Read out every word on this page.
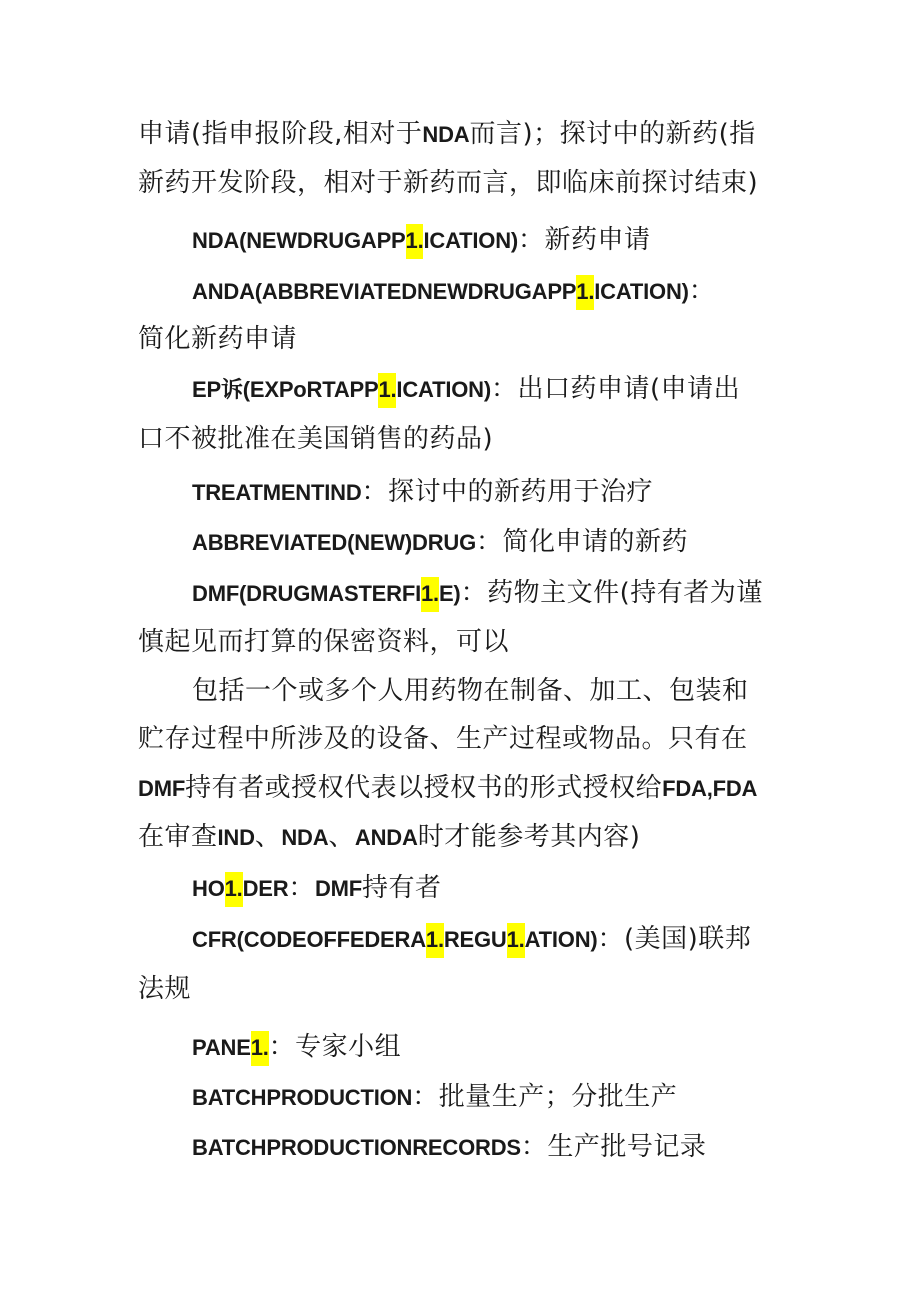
申请(指申报阶段,相对于NDA而言)；探讨中的新药(指
新药开发阶段，相对于新药而言，即临床前探讨结束)
NDA(NEWDRUGAPP1.ICATION)：新药申请
ANDA(ABBREVIATEDNEWDRUGAPP1.ICATION)：
简化新药申请
EP诉(EXPoRTAPP1.ICATION)：出口药申请(申请出
口不被批准在美国销售的药品)
TREATMENTIND：探讨中的新药用于治疗
ABBREVIATED(NEW)DRUG：简化申请的新药
DMF(DRUGMASTERFI1.E)：药物主文件(持有者为谨
慎起见而打算的保密资料，可以
包括一个或多个人用药物在制备、加工、包装和
贮存过程中所涉及的设备、生产过程或物品。只有在
DMF持有者或授权代表以授权书的形式授权给FDA,FDA
在审查IND、NDA、ANDA时才能参考其内容)
HO1.DER：DMF持有者
CFR(CODEOFFEDERA1.REGU1.ATION)：(美国)联邦
法规
PANE1.：专家小组
BATCHPRODUCTION：批量生产；分批生产
BATCHPRODUCTIONRECORDS：生产批号记录
